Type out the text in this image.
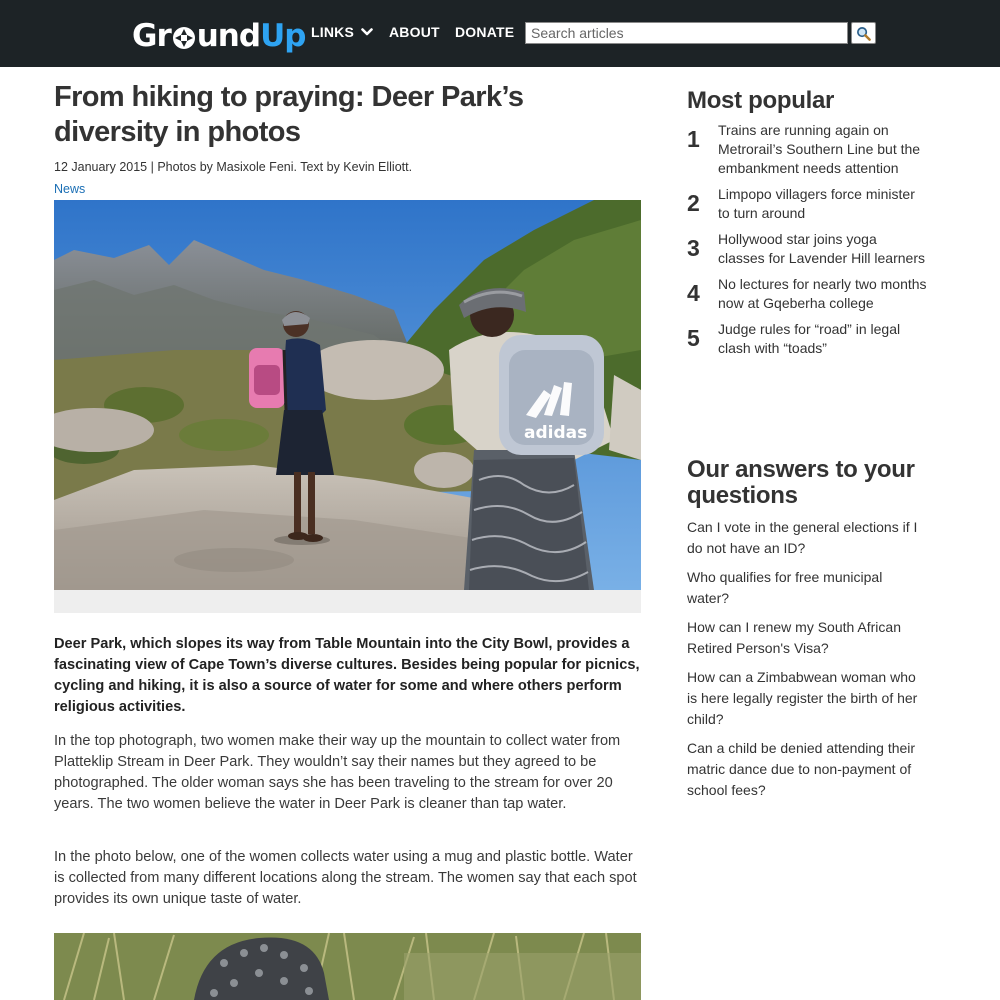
Gr und Up LINKS	ABOUT DONATE
Search articles
From hiking to praying: Deer Park’s diversity in photos
12 January 2015 | Photos by Masixole Feni. Text by Kevin Elliott.
News
adidas

Deer Park, which slopes its way from Table Mountain into the City Bowl, provides a fascinating view of Cape Town’s diverse cultures. Besides being popular for picnics, cycling and hiking, it is also a source of water for some and where others perform religious activities.

In the top photograph, two women make their way up the mountain to collect water from Platteklip Stream in Deer Park. They wouldn’t say their names but they agreed to be photographed. The older woman says she has been traveling to the stream for over 20 years. The two women believe the water in Deer Park is cleaner than tap water.

In the photo below, one of the women collects water using a mug and plastic bottle. Water is collected from many different locations along the stream. The women say that each spot provides its own unique taste of water.

Most popular
1	Trains are running again on Metrorail’s Southern Line but the embankment needs attention
2	Limpopo villagers force minister to turn around
3	Hollywood star joins yoga classes for Lavender Hill learners
4	No lectures for nearly two months now at Gqeberha college
5	Judge rules for “road” in legal clash with “toads”
Our answers to your questions
Can I vote in the general elections if I do not have an ID?
Who qualifies for free municipal water?
How can I renew my South African Retired Person's Visa?
How can a Zimbabwean woman who is here legally register the birth of her child?
Can a child be denied attending their matric dance due to non-payment of school fees?
